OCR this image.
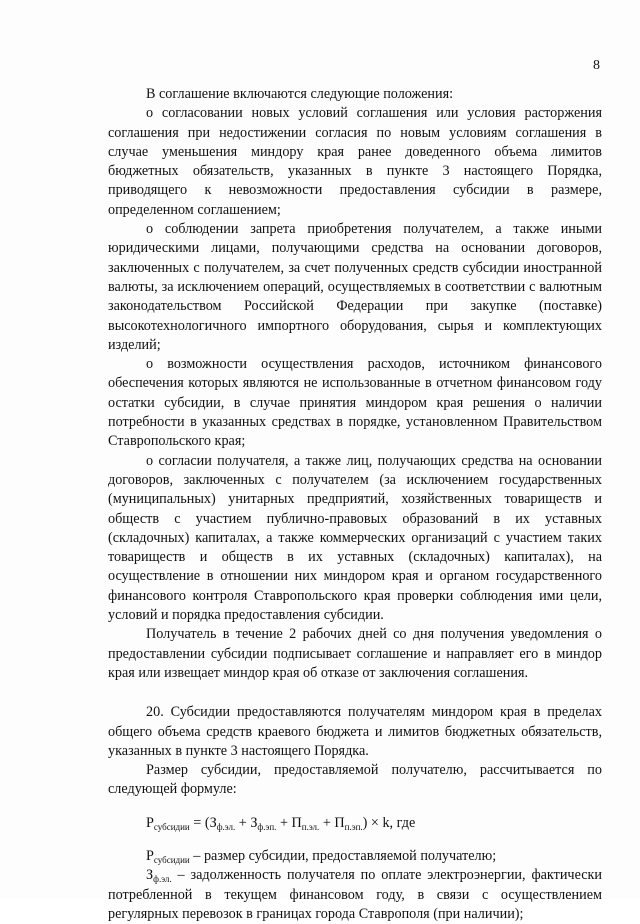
8

В соглашение включаются следующие положения:

о согласовании новых условий соглашения или условия расторжения соглашения при недостижении согласия по новым условиям соглашения в случае уменьшения миндору края ранее доведенного объема лимитов бюджетных обязательств, указанных в пункте 3 настоящего Порядка, приводящего к невозможности предоставления субсидии в размере, определенном соглашением;

о соблюдении запрета приобретения получателем, а также иными юридическими лицами, получающими средства на основании договоров, заключенных с получателем, за счет полученных средств субсидии иностранной валюты, за исключением операций, осуществляемых в соответствии с валютным законодательством Российской Федерации при закупке (поставке) высокотехнологичного импортного оборудования, сырья и комплектующих изделий;

о возможности осуществления расходов, источником финансового обеспечения которых являются не использованные в отчетном финансовом году остатки субсидии, в случае принятия миндором края решения о наличии потребности в указанных средствах в порядке, установленном Правительством Ставропольского края;

о согласии получателя, а также лиц, получающих средства на основании договоров, заключенных с получателем (за исключением государственных (муниципальных) унитарных предприятий, хозяйственных товариществ и обществ с участием публично-правовых образований в их уставных (складочных) капиталах, а также коммерческих организаций с участием таких товариществ и обществ в их уставных (складочных) капиталах), на осуществление в отношении них миндором края и органом государственного финансового контроля Ставропольского края проверки соблюдения ими цели, условий и порядка предоставления субсидии.

Получатель в течение 2 рабочих дней со дня получения уведомления о предоставлении субсидии подписывает соглашение и направляет его в миндор края или извещает миндор края об отказе от заключения соглашения.

20. Субсидии предоставляются получателям миндором края в пределах общего объема средств краевого бюджета и лимитов бюджетных обязательств, указанных в пункте 3 настоящего Порядка.

Размер субсидии, предоставляемой получателю, рассчитывается по следующей формуле:

$P_{субсидии} = (З_{ф.эл.} + З_{ф.эп.} + П_{п.эл.} + П_{п.эп.}) \times k$, где

$P_{субсидии}$ – размер субсидии, предоставляемой получателю;

$З_{ф.эл.}$ – задолженность получателя по оплате электроэнергии, фактически потребленной в текущем финансовом году, в связи с осуществлением регулярных перевозок в границах города Ставрополя (при наличии);
